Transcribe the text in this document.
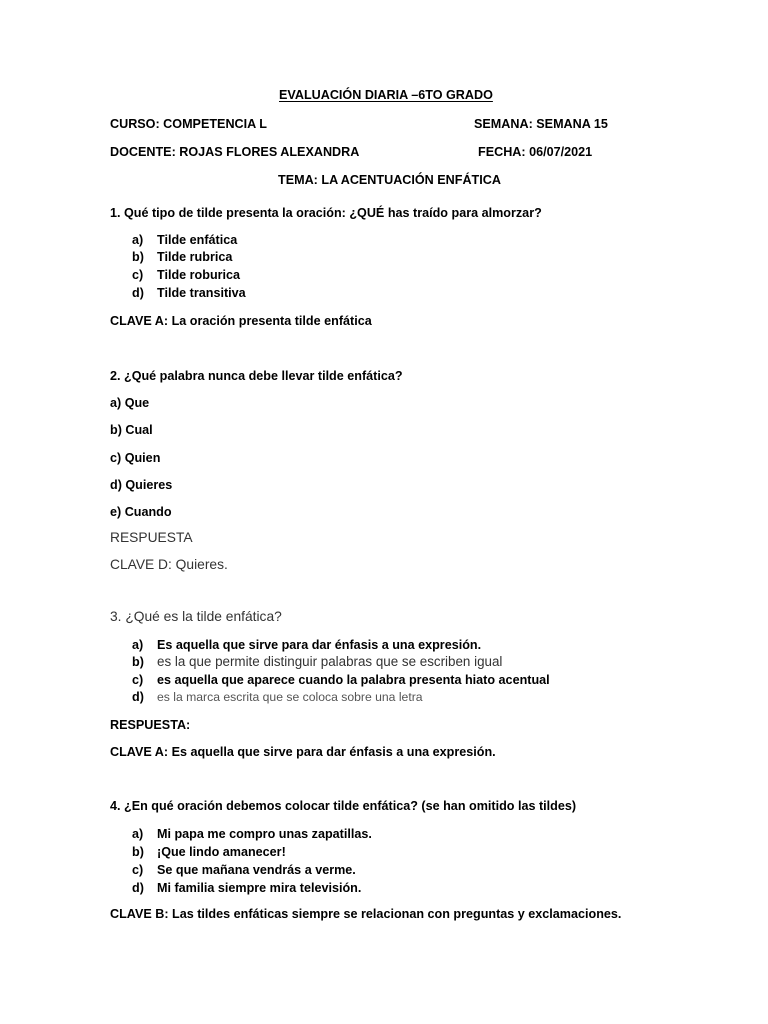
EVALUACIÓN DIARIA –6TO GRADO
CURSO: COMPETENCIA L	SEMANA: SEMANA 15
DOCENTE: ROJAS FLORES ALEXANDRA	FECHA: 06/07/2021
TEMA: LA ACENTUACIÓN ENFÁTICA
1. Qué tipo de tilde presenta la oración: ¿QUÉ has traído para almorzar?
a) Tilde enfática
b) Tilde rubrica
c) Tilde roburica
d) Tilde transitiva
CLAVE A: La oración presenta tilde enfática
2. ¿Qué palabra nunca debe llevar tilde enfática?
a) Que
b) Cual
c) Quien
d) Quieres
e) Cuando
RESPUESTA
CLAVE D: Quieres.
3. ¿Qué es la tilde enfática?
a) Es aquella que sirve para dar énfasis a una expresión.
b) es la que permite distinguir palabras que se escriben igual
c) es aquella que aparece cuando la palabra presenta hiato acentual
d) es la marca escrita que se coloca sobre una letra
RESPUESTA:
CLAVE A: Es aquella que sirve para dar énfasis a una expresión.
4. ¿En qué oración debemos colocar tilde enfática? (se han omitido las tildes)
a) Mi papa me compro unas zapatillas.
b) ¡Que lindo amanecer!
c) Se que mañana vendrás a verme.
d) Mi familia siempre mira televisión.
CLAVE B: Las tildes enfáticas siempre se relacionan con preguntas y exclamaciones.
